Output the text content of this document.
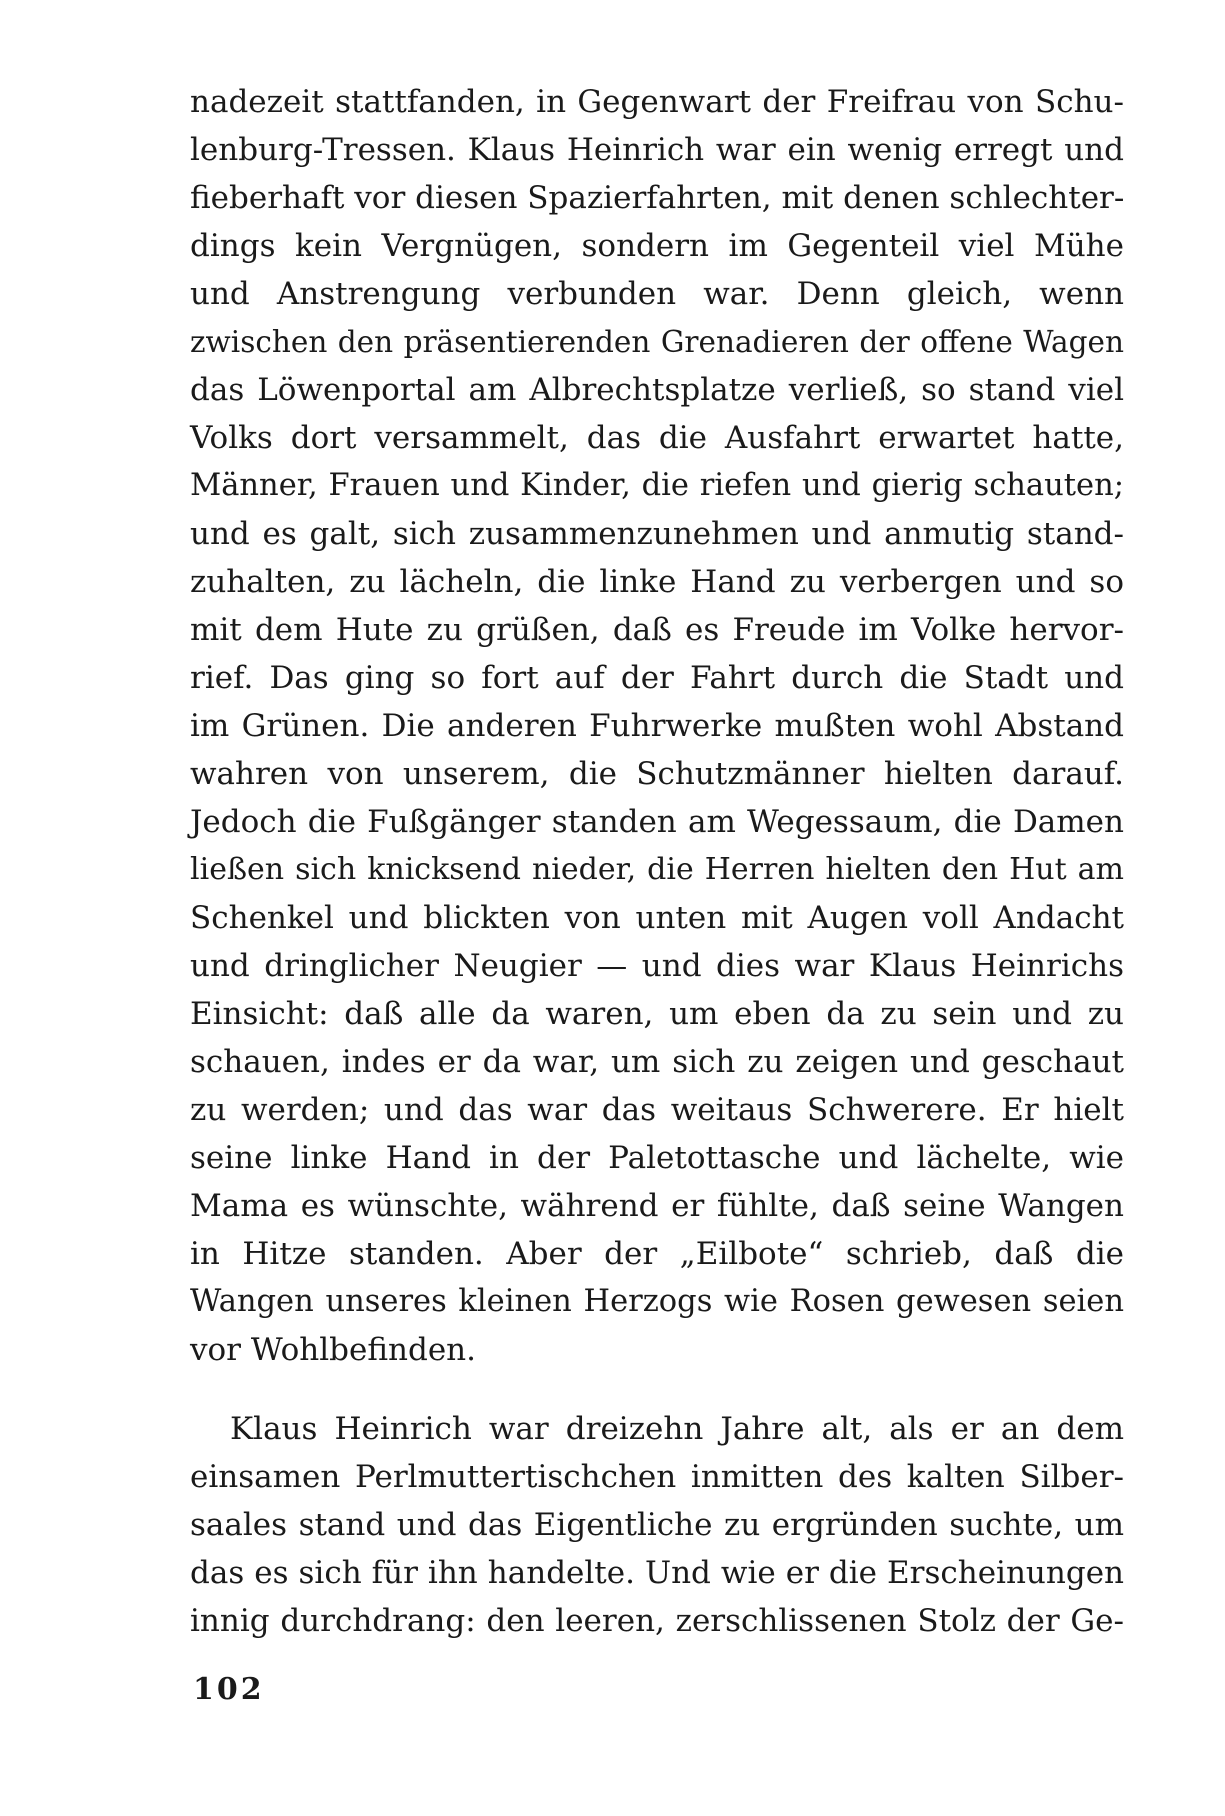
nadezeit stattfanden, in Gegenwart der Freifrau von Schu-
lenburg-Tressen. Klaus Heinrich war ein wenig erregt und
fieberhaft vor diesen Spazierfahrten, mit denen schlechter-
dings kein Vergnügen, sondern im Gegenteil viel Mühe
und Anstrengung verbunden war. Denn gleich, wenn
zwischen den präsentierenden Grenadieren der offene Wagen
das Löwenportal am Albrechtsplatze verließ, so stand viel
Volks dort versammelt, das die Ausfahrt erwartet hatte,
Männer, Frauen und Kinder, die riefen und gierig schauten;
und es galt, sich zusammenzunehmen und anmutig stand-
zuhalten, zu lächeln, die linke Hand zu verbergen und so
mit dem Hute zu grüßen, daß es Freude im Volke hervor-
rief. Das ging so fort auf der Fahrt durch die Stadt und
im Grünen. Die anderen Fuhrwerke mußten wohl Abstand
wahren von unserem, die Schutzmänner hielten darauf.
Jedoch die Fußgänger standen am Wegessaum, die Damen
ließen sich knicksend nieder, die Herren hielten den Hut am
Schenkel und blickten von unten mit Augen voll Andacht
und dringlicher Neugier — und dies war Klaus Heinrichs
Einsicht: daß alle da waren, um eben da zu sein und zu
schauen, indes er da war, um sich zu zeigen und geschaut
zu werden; und das war das weitaus Schwerere. Er hielt
seine linke Hand in der Paletottasche und lächelte, wie
Mama es wünschte, während er fühlte, daß seine Wangen
in Hitze standen. Aber der „Eilbote“ schrieb, daß die
Wangen unseres kleinen Herzogs wie Rosen gewesen seien
vor Wohlbefinden.
Klaus Heinrich war dreizehn Jahre alt, als er an dem
einsamen Perlmuttertischchen inmitten des kalten Silber-
saales stand und das Eigentliche zu ergründen suchte, um
das es sich für ihn handelte. Und wie er die Erscheinungen
innig durchdrang: den leeren, zerschlissenen Stolz der Ge-
102
